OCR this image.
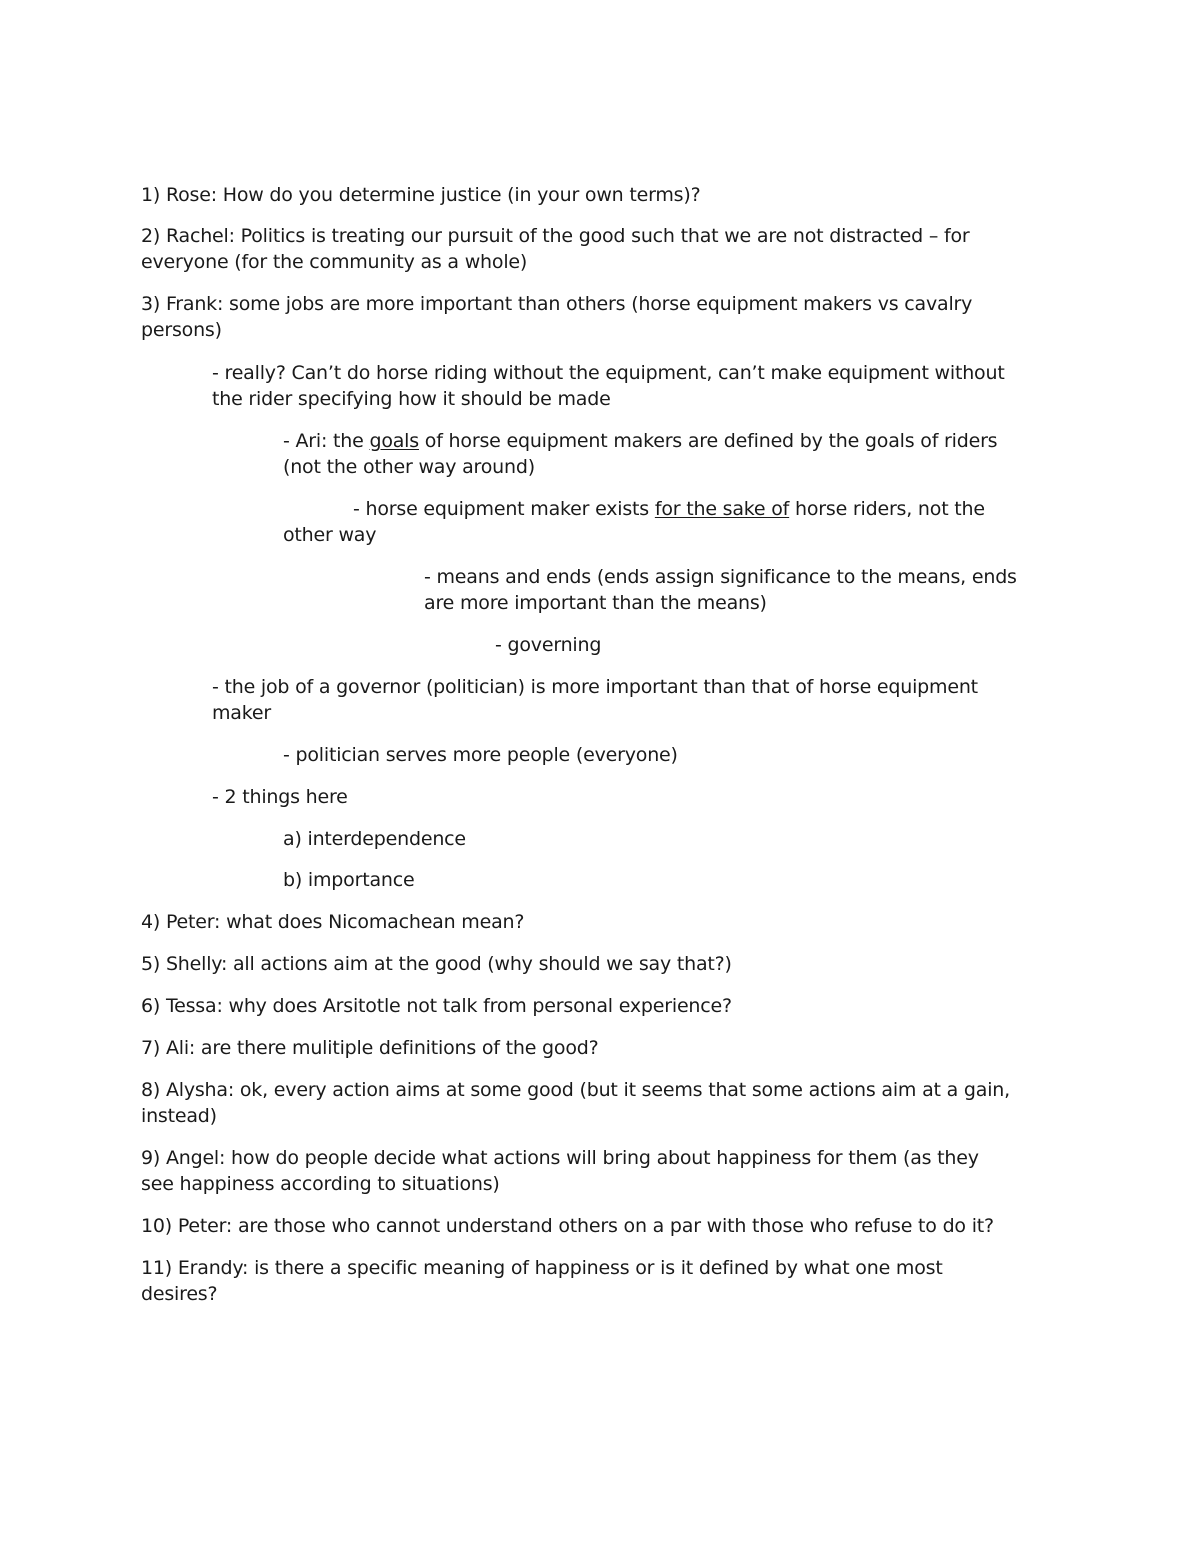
1) Rose: How do you determine justice (in your own terms)?

2) Rachel: Politics is treating our pursuit of the good such that we are not distracted – for
everyone (for the community as a whole)

3) Frank: some jobs are more important than others (horse equipment makers vs cavalry
persons)

- really? Can’t do horse riding without the equipment, can’t make equipment without
the rider specifying how it should be made

- Ari: the goals of horse equipment makers are defined by the goals of riders
(not the other way around)

- horse equipment maker exists for the sake of horse riders, not the
other way

- means and ends (ends assign significance to the means, ends
are more important than the means)

- governing

- the job of a governor (politician) is more important than that of horse equipment
maker

- politician serves more people (everyone)

- 2 things here

a) interdependence

b) importance

4) Peter: what does Nicomachean mean?

5) Shelly: all actions aim at the good (why should we say that?)

6) Tessa: why does Arsitotle not talk from personal experience?

7) Ali: are there mulitiple definitions of the good?

8) Alysha: ok, every action aims at some good (but it seems that some actions aim at a gain,
instead)

9) Angel: how do people decide what actions will bring about happiness for them (as they
see happiness according to situations)

10) Peter: are those who cannot understand others on a par with those who refuse to do it?

11) Erandy: is there a specific meaning of happiness or is it defined by what one most
desires?
